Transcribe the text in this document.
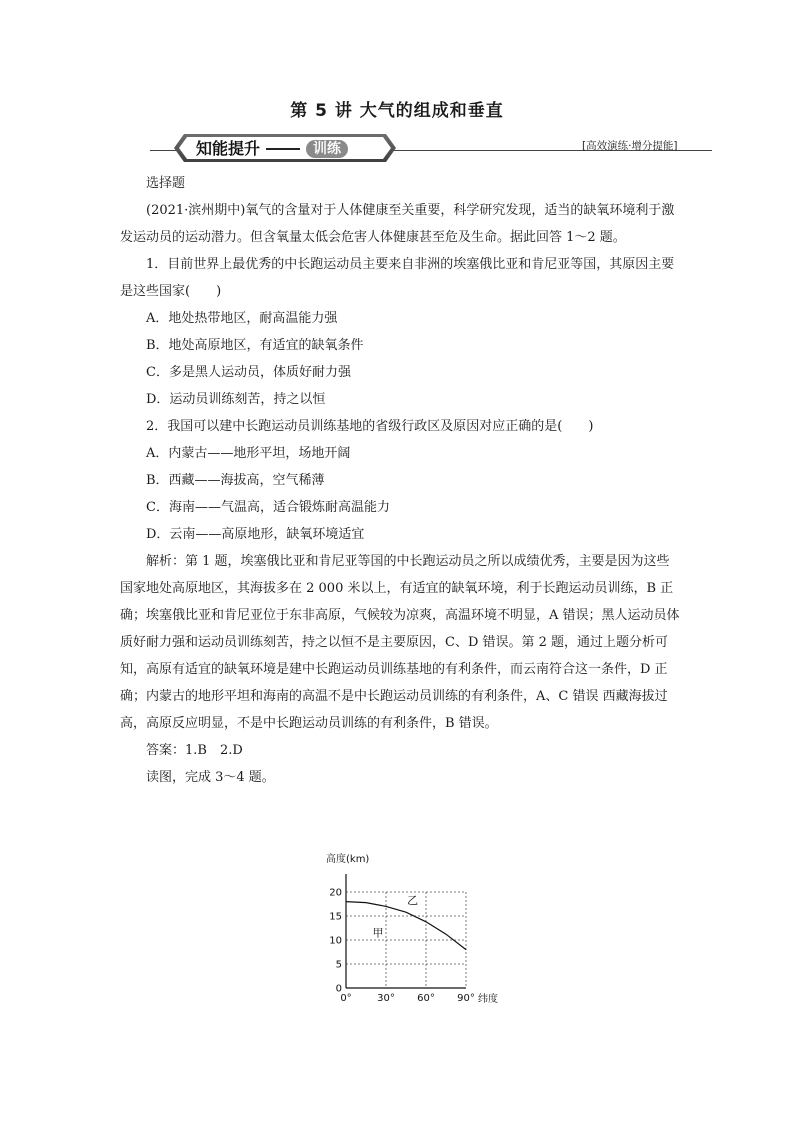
第 5 讲 大气的组成和垂直
知能提升	训练	[高效演练·增分提能]

选择题

(2021·滨州期中)氧气的含量对于人体健康至关重要，科学研究发现，适当的缺氧环境利于激发运动员的运动潜力。但含氧量太低会危害人体健康甚至危及生命。据此回答 1～2 题。

1．目前世界上最优秀的中长跑运动员主要来自非洲的埃塞俄比亚和肯尼亚等国，其原因主要是这些国家(　　)

A．地处热带地区，耐高温能力强

B．地处高原地区，有适宜的缺氧条件

C．多是黑人运动员，体质好耐力强

D．运动员训练刻苦，持之以恒

2．我国可以建中长跑运动员训练基地的省级行政区及原因对应正确的是(　　)

A．内蒙古——地形平坦，场地开阔

B．西藏——海拔高，空气稀薄

C．海南——气温高，适合锻炼耐高温能力

D．云南——高原地形，缺氧环境适宜

解析：第 1 题，埃塞俄比亚和肯尼亚等国的中长跑运动员之所以成绩优秀，主要是因为这些国家地处高原地区，其海拔多在 2 000 米以上，有适宜的缺氧环境，利于长跑运动员训练，B 正确；埃塞俄比亚和肯尼亚位于东非高原，气候较为凉爽，高温环境不明显，A 错误；黑人运动员体质好耐力强和运动员训练刻苦，持之以恒不是主要原因，C、D 错误。第 2 题，通过上题分析可知，高原有适宜的缺氧环境是建中长跑运动员训练基地的有利条件，而云南符合这一条件，D 正确；内蒙古的地形平坦和海南的高温不是中长跑运动员训练的有利条件，A、C 错误 西藏海拔过高，高原反应明显，不是中长跑运动员训练的有利条件，B 错误。

答案：1.B　2.D

读图，完成 3～4 题。

高度(km)
纬度
0
5
10
15
20
0°	30° 60° 90°
乙
甲
